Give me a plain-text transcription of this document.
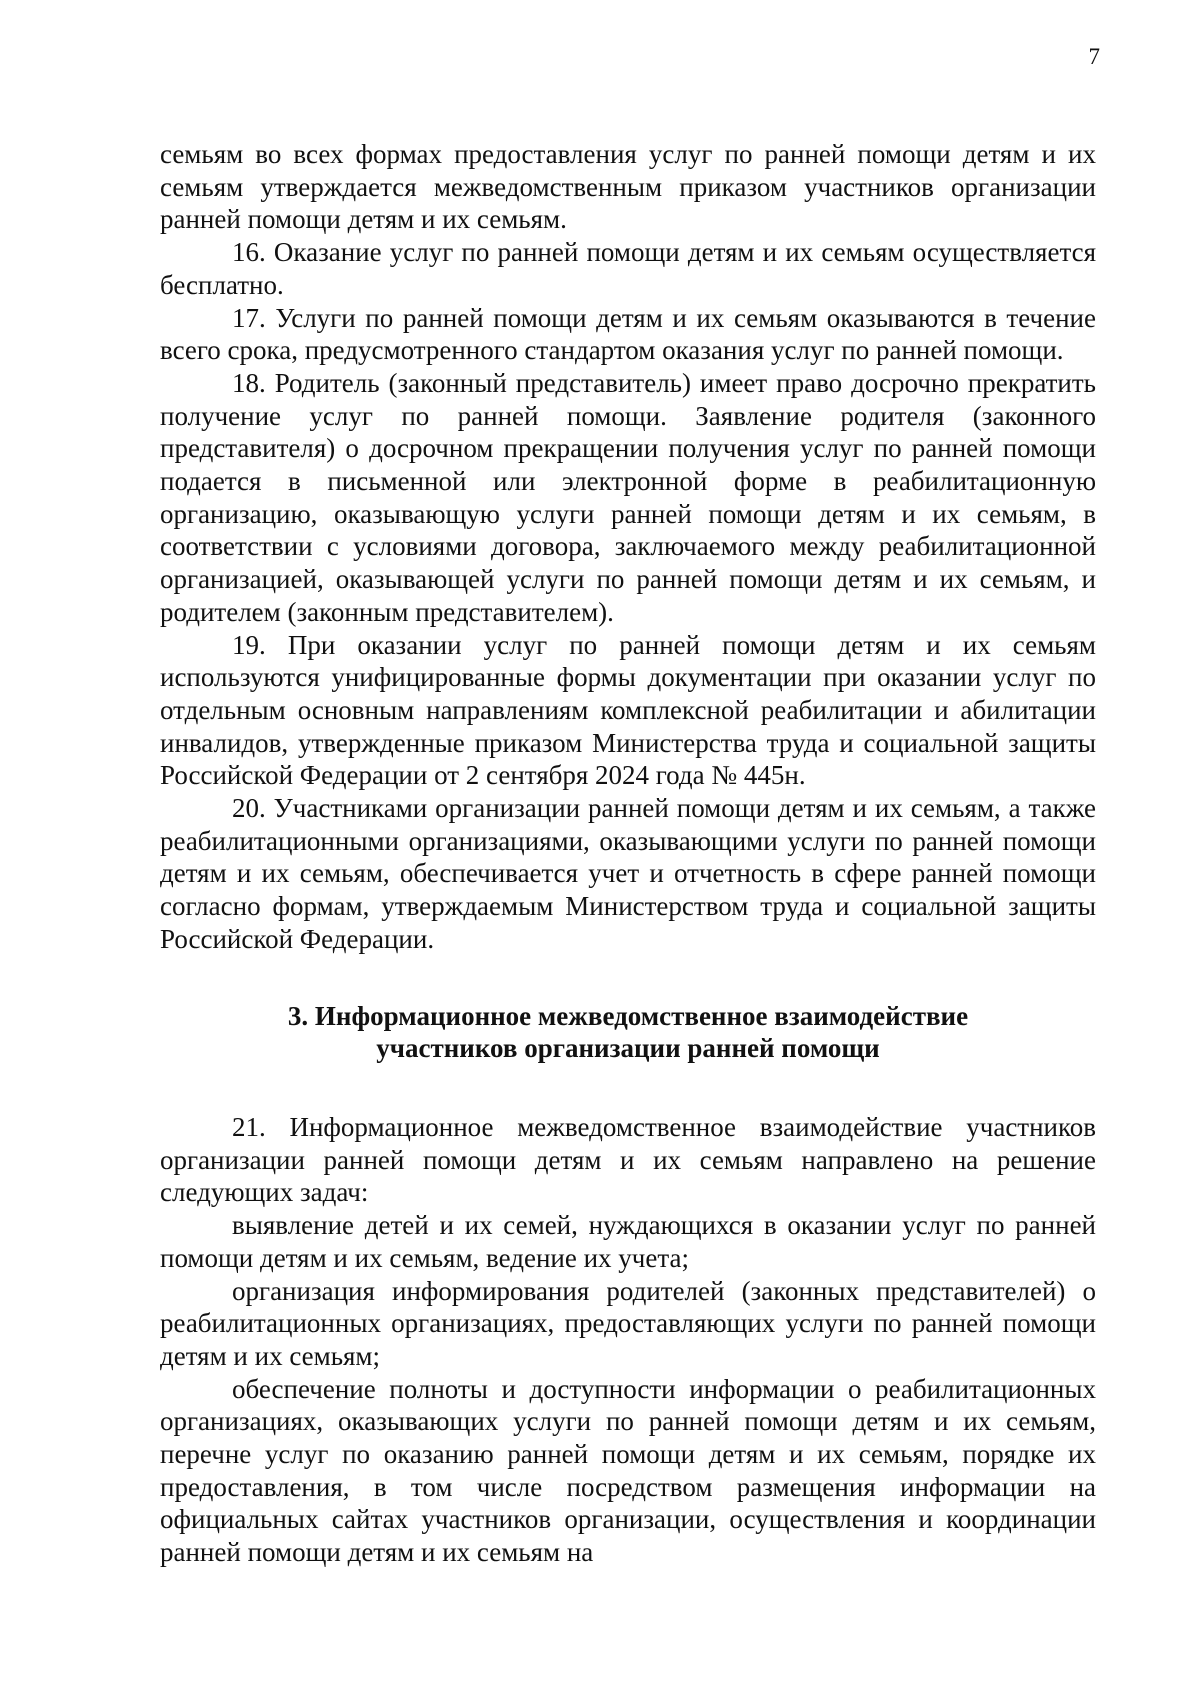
7

семьям во всех формах предоставления услуг по ранней помощи детям и их семьям утверждается межведомственным приказом участников организации ранней помощи детям и их семьям.

16. Оказание услуг по ранней помощи детям и их семьям осуществляется бесплатно.

17. Услуги по ранней помощи детям и их семьям оказываются в течение всего срока, предусмотренного стандартом оказания услуг по ранней помощи.

18. Родитель (законный представитель) имеет право досрочно прекратить получение услуг по ранней помощи. Заявление родителя (законного представителя) о досрочном прекращении получения услуг по ранней помощи подается в письменной или электронной форме в реабилитационную организацию, оказывающую услуги ранней помощи детям и их семьям, в соответствии с условиями договора, заключаемого между реабилитационной организацией, оказывающей услуги по ранней помощи детям и их семьям, и родителем (законным представителем).

19. При оказании услуг по ранней помощи детям и их семьям используются унифицированные формы документации при оказании услуг по отдельным основным направлениям комплексной реабилитации и абилитации инвалидов, утвержденные приказом Министерства труда и социальной защиты Российской Федерации от 2 сентября 2024 года № 445н.

20. Участниками организации ранней помощи детям и их семьям, а также реабилитационными организациями, оказывающими услуги по ранней помощи детям и их семьям, обеспечивается учет и отчетность в сфере ранней помощи согласно формам, утверждаемым Министерством труда и социальной защиты Российской Федерации.

3. Информационное межведомственное взаимодействие
участников организации ранней помощи

21. Информационное межведомственное взаимодействие участников организации ранней помощи детям и их семьям направлено на решение следующих задач:

выявление детей и их семей, нуждающихся в оказании услуг по ранней помощи детям и их семьям, ведение их учета;

организация информирования родителей (законных представителей) о реабилитационных организациях, предоставляющих услуги по ранней помощи детям и их семьям;

обеспечение полноты и доступности информации о реабилитационных организациях, оказывающих услуги по ранней помощи детям и их семьям, перечне услуг по оказанию ранней помощи детям и их семьям, порядке их предоставления, в том числе посредством размещения информации на официальных сайтах участников организации, осуществления и координации ранней помощи детям и их семьям на
